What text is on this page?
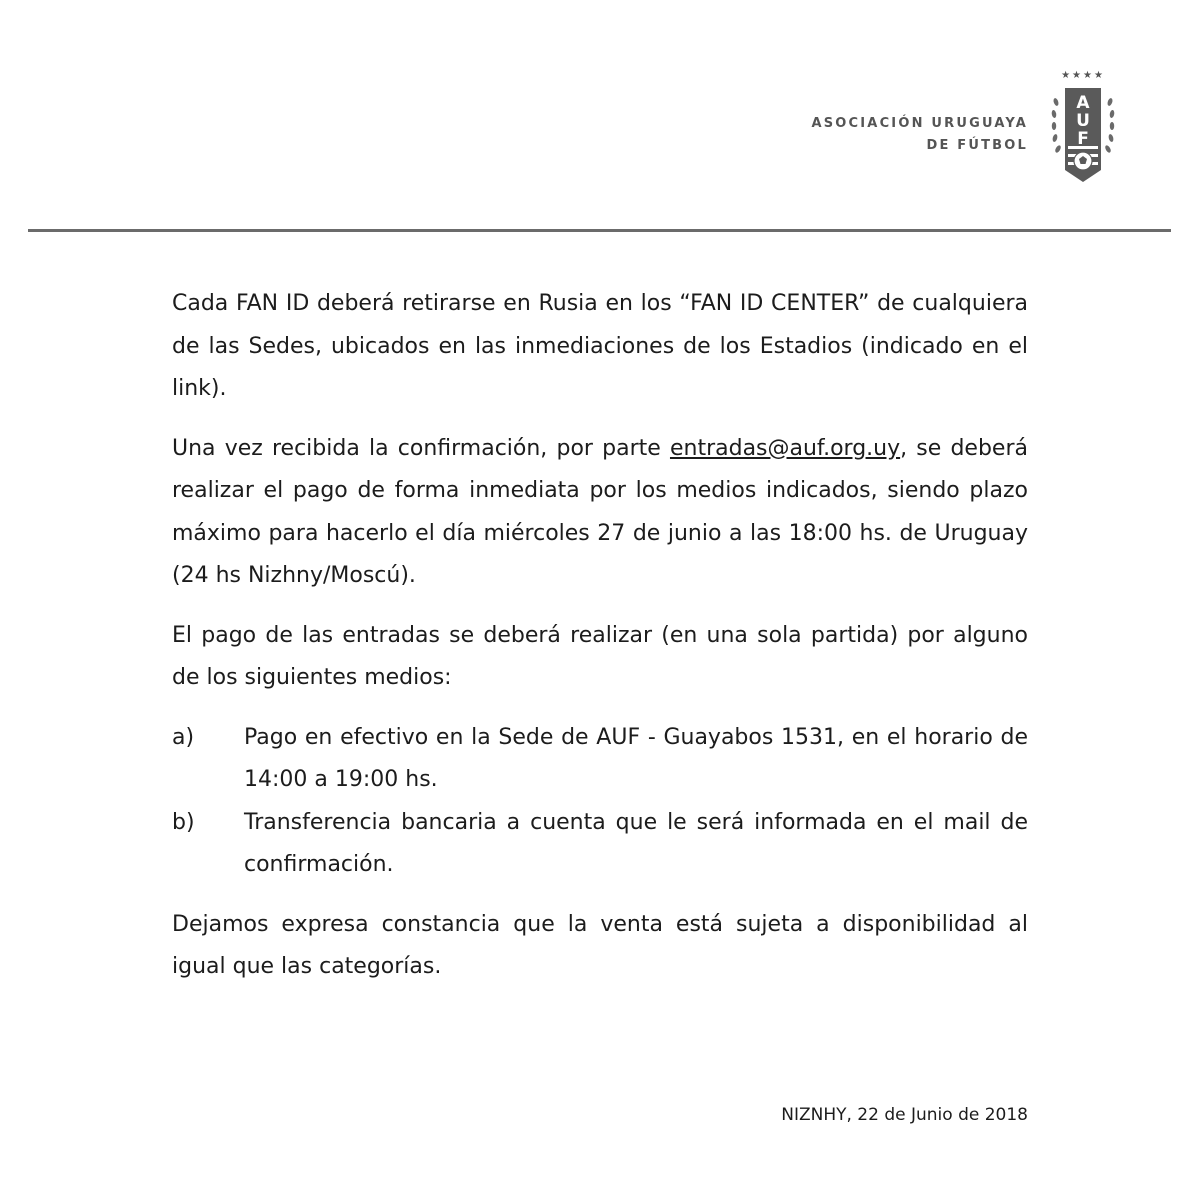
ASOCIACIÓN URUGUAYA
DE FÚTBOL
★★★★
A
U
F

Cada FAN ID deberá retirarse en Rusia en los “FAN ID CENTER” de cualquiera de las Sedes, ubicados en las inmediaciones de los Estadios (indicado en el link).

Una vez recibida la confirmación, por parte entradas@auf.org.uy, se deberá realizar el pago de forma inmediata por los medios indicados, siendo plazo máximo para hacerlo el día miércoles 27 de junio a las 18:00 hs. de Uruguay (24 hs Nizhny/Moscú).

El pago de las entradas se deberá realizar (en una sola partida) por alguno de los siguientes medios:

a)	Pago en efectivo en la Sede de AUF - Guayabos 1531, en el horario de 14:00 a 19:00 hs.
b)	Transferencia bancaria a cuenta que le será informada en el mail de confirmación.

Dejamos expresa constancia que la venta está sujeta a disponibilidad al igual que las categorías.

NIZNHY, 22 de Junio de 2018
